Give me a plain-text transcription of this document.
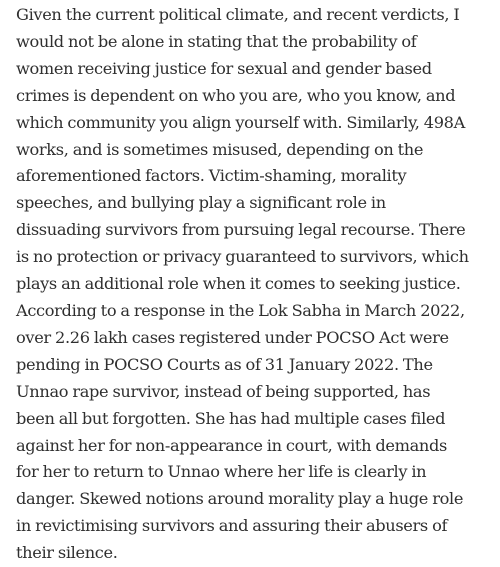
Given the current political climate, and recent verdicts, I
would not be alone in stating that the probability of
women receiving justice for sexual and gender based
crimes is dependent on who you are, who you know, and
which community you align yourself with. Similarly, 498A
works, and is sometimes misused, depending on the
aforementioned factors. Victim-shaming, morality
speeches, and bullying play a significant role in
dissuading survivors from pursuing legal recourse. There
is no protection or privacy guaranteed to survivors, which
plays an additional role when it comes to seeking justice.
According to a response in the Lok Sabha in March 2022,
over 2.26 lakh cases registered under POCSO Act were
pending in POCSO Courts as of 31 January 2022. The
Unnao rape survivor, instead of being supported, has
been all but forgotten. She has had multiple cases filed
against her for non-appearance in court, with demands
for her to return to Unnao where her life is clearly in
danger. Skewed notions around morality play a huge role
in revictimising survivors and assuring their abusers of
their silence.
